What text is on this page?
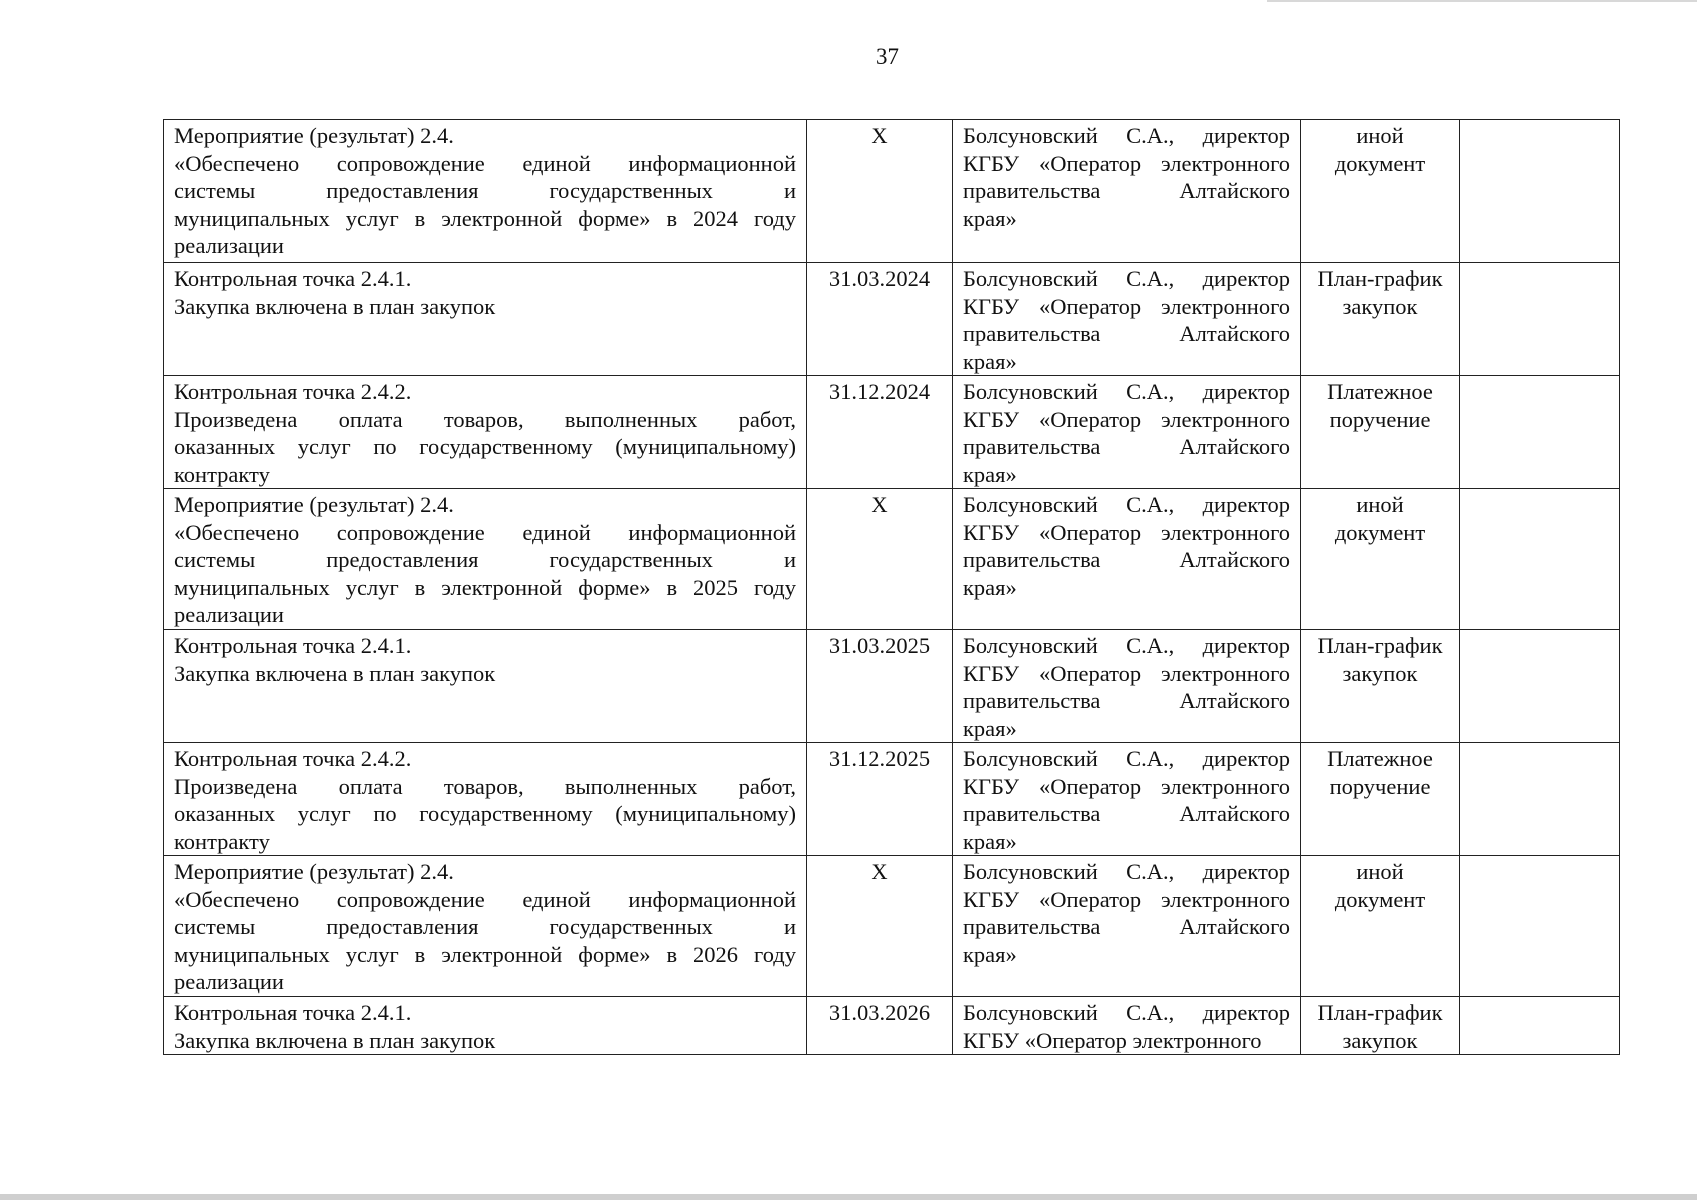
37
Мероприятие (результат) 2.4.
«Обеспечено сопровождение единой информационной
системы предоставления государственных и
муниципальных услуг в электронной форме» в 2024 году
реализации	X	Болсуновский С.А., директор
КГБУ «Оператор электронного
правительства Алтайского
края»	иной документ	

Контрольная точка 2.4.1.
Закупка включена в план закупок	31.03.2024	Болсуновский С.А., директор
КГБУ «Оператор электронного
правительства Алтайского
края»	План-график закупок	

Контрольная точка 2.4.2.
Произведена оплата товаров, выполненных работ,
оказанных услуг по государственному (муниципальному)
контракту	31.12.2024	Болсуновский С.А., директор
КГБУ «Оператор электронного
правительства Алтайского
края»	Платежное поручение	

Мероприятие (результат) 2.4.
«Обеспечено сопровождение единой информационной
системы предоставления государственных и
муниципальных услуг в электронной форме» в 2025 году
реализации	X	Болсуновский С.А., директор
КГБУ «Оператор электронного
правительства Алтайского
края»	иной документ	

Контрольная точка 2.4.1.
Закупка включена в план закупок	31.03.2025	Болсуновский С.А., директор
КГБУ «Оператор электронного
правительства Алтайского
края»	План-график закупок	

Контрольная точка 2.4.2.
Произведена оплата товаров, выполненных работ,
оказанных услуг по государственному (муниципальному)
контракту	31.12.2025	Болсуновский С.А., директор
КГБУ «Оператор электронного
правительства Алтайского
края»	Платежное поручение	

Мероприятие (результат) 2.4.
«Обеспечено сопровождение единой информационной
системы предоставления государственных и
муниципальных услуг в электронной форме» в 2026 году
реализации	X	Болсуновский С.А., директор
КГБУ «Оператор электронного
правительства Алтайского
края»	иной документ	

Контрольная точка 2.4.1.
Закупка включена в план закупок	31.03.2026	Болсуновский С.А., директор
КГБУ «Оператор электронного	План-график закупок	
